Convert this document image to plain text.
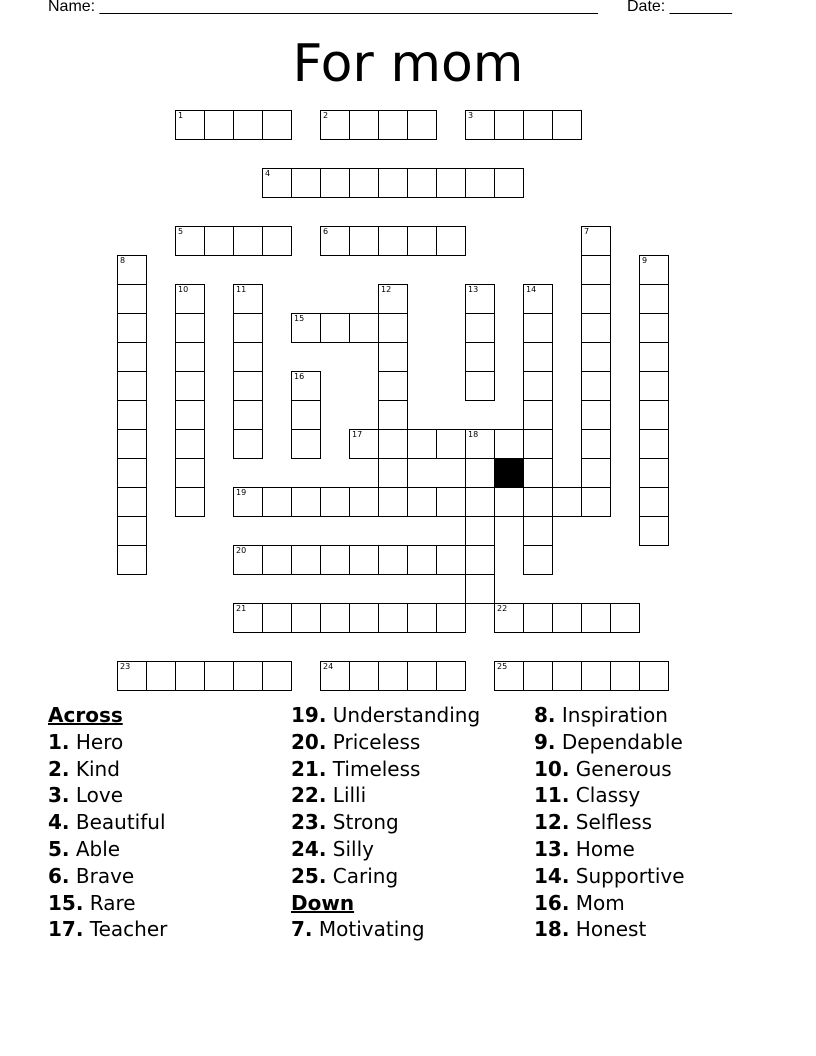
Name: ________________________________________________________ Date: _______
For mom
1	2	3
4
5	6	7
8	9
10	11	12	13	14
15
16
17	18
19
20
21	22
23	24	25
Across
1. Hero
2. Kind
3. Love
4. Beautiful
5. Able
6. Brave
15. Rare
17. Teacher
19. Understanding
20. Priceless
21. Timeless
22. Lilli
23. Strong
24. Silly
25. Caring
Down
7. Motivating
8. Inspiration
9. Dependable
10. Generous
11. Classy
12. Selfless
13. Home
14. Supportive
16. Mom
18. Honest
